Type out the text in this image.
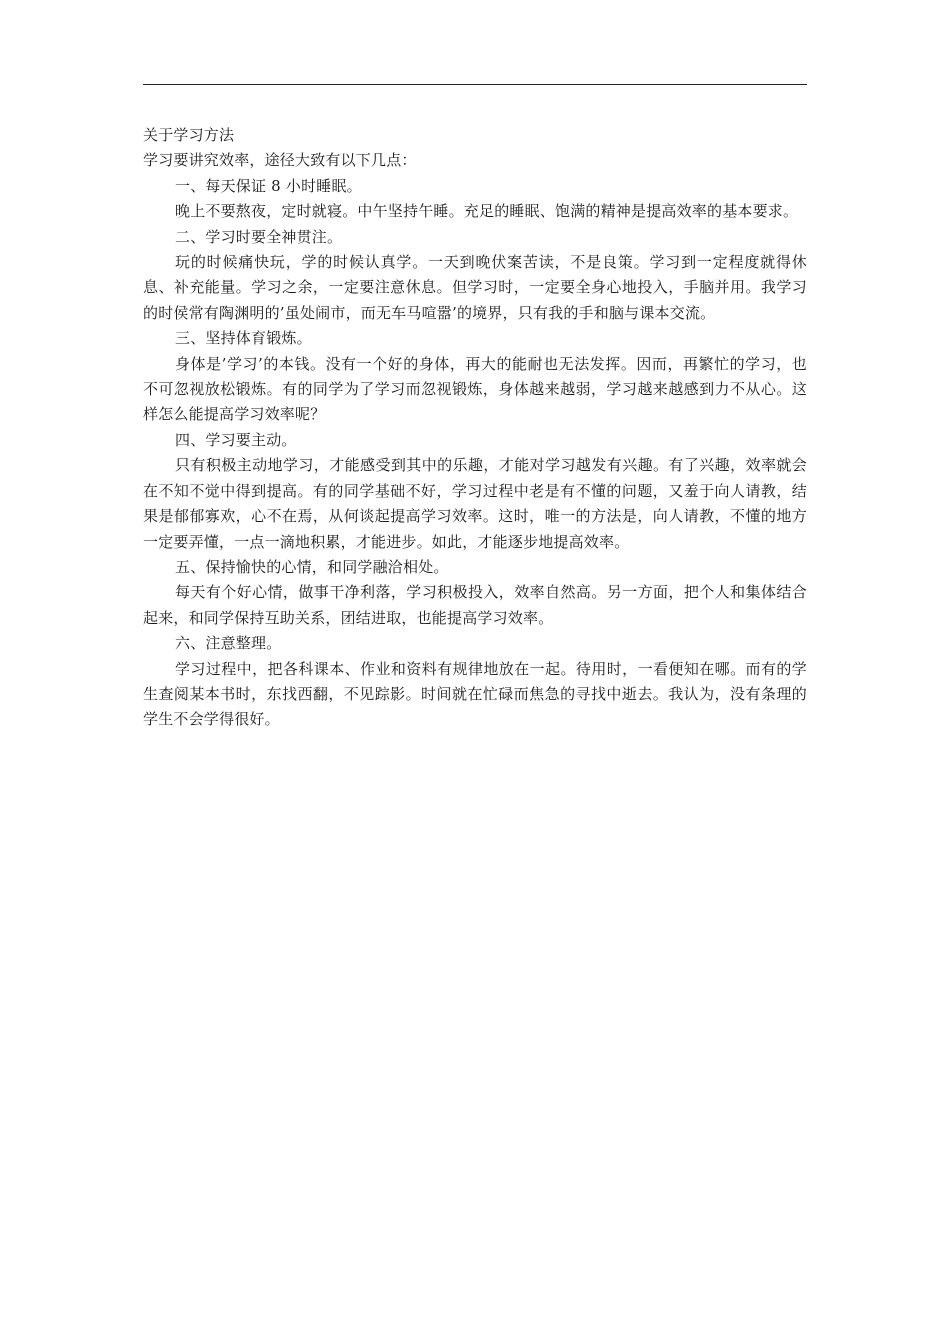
关于学习方法

学习要讲究效率，途径大致有以下几点：

一、每天保证 8 小时睡眠。

晚上不要熬夜，定时就寝。中午坚持午睡。充足的睡眠、饱满的精神是提高效率的基本要求。

二、学习时要全神贯注。

玩的时候痛快玩，学的时候认真学。一天到晚伏案苦读，不是良策。学习到一定程度就得休息、补充能量。学习之余，一定要注意休息。但学习时，一定要全身心地投入，手脑并用。我学习的时侯常有陶渊明的’虽处闹市，而无车马喧嚣’的境界，只有我的手和脑与课本交流。

三、坚持体育锻炼。

身体是’学习’的本钱。没有一个好的身体，再大的能耐也无法发挥。因而，再繁忙的学习，也不可忽视放松锻炼。有的同学为了学习而忽视锻炼，身体越来越弱，学习越来越感到力不从心。这样怎么能提高学习效率呢？

四、学习要主动。

只有积极主动地学习，才能感受到其中的乐趣，才能对学习越发有兴趣。有了兴趣，效率就会在不知不觉中得到提高。有的同学基础不好，学习过程中老是有不懂的问题，又羞于向人请教，结果是郁郁寡欢，心不在焉，从何谈起提高学习效率。这时，唯一的方法是，向人请教，不懂的地方一定要弄懂，一点一滴地积累，才能进步。如此，才能逐步地提高效率。

五、保持愉快的心情，和同学融洽相处。

每天有个好心情，做事干净利落，学习积极投入，效率自然高。另一方面，把个人和集体结合起来，和同学保持互助关系，团结进取，也能提高学习效率。

六、注意整理。

学习过程中，把各科课本、作业和资料有规律地放在一起。待用时，一看便知在哪。而有的学生查阅某本书时，东找西翻，不见踪影。时间就在忙碌而焦急的寻找中逝去。我认为，没有条理的学生不会学得很好。
